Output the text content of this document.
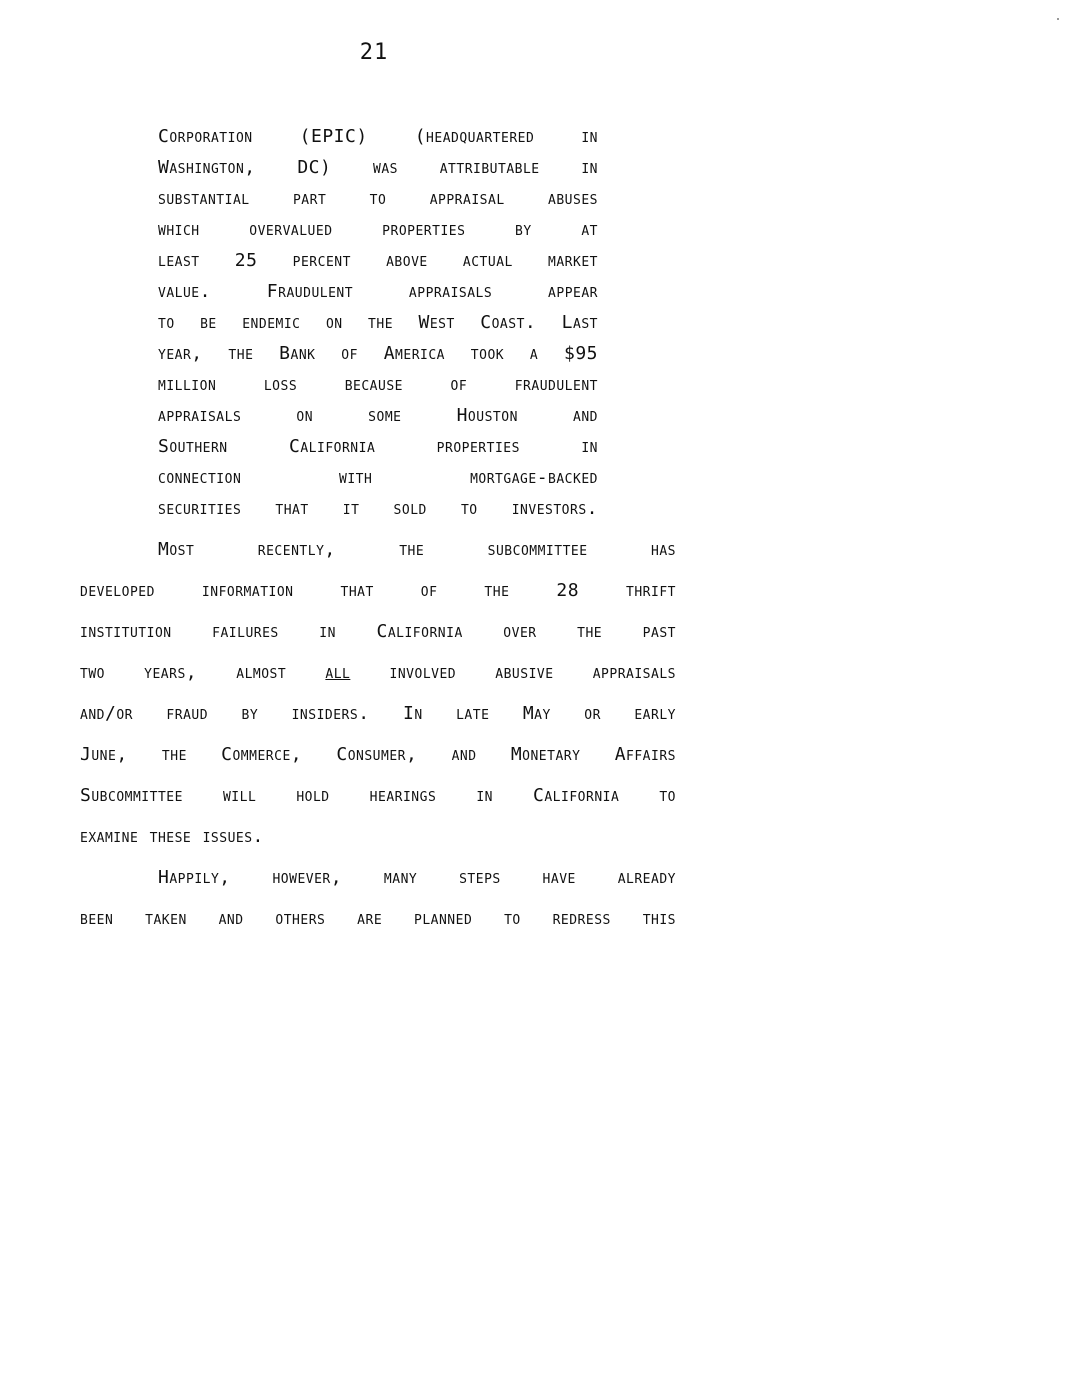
21
Corporation (EPIC) (headquartered in
Washington, DC) was attributable in
substantial part to appraisal abuses
which overvalued properties by at
least 25 percent above actual market
value. Fraudulent appraisals appear
to be endemic on the West Coast. Last
year, the Bank of America took a $95
million loss because of fraudulent
appraisals on some Houston and
Southern California properties in
connection with mortgage-backed
securities that it sold to investors.
Most recently, the subcommittee has
developed information that of the 28 thrift
institution failures in California over the past
two years, almost all involved abusive appraisals
and/or fraud by insiders. In late May or early
June, the Commerce, Consumer, and Monetary Affairs
Subcommittee will hold hearings in California to
examine these issues.
Happily, however, many steps have already
been taken and others are planned to redress this
